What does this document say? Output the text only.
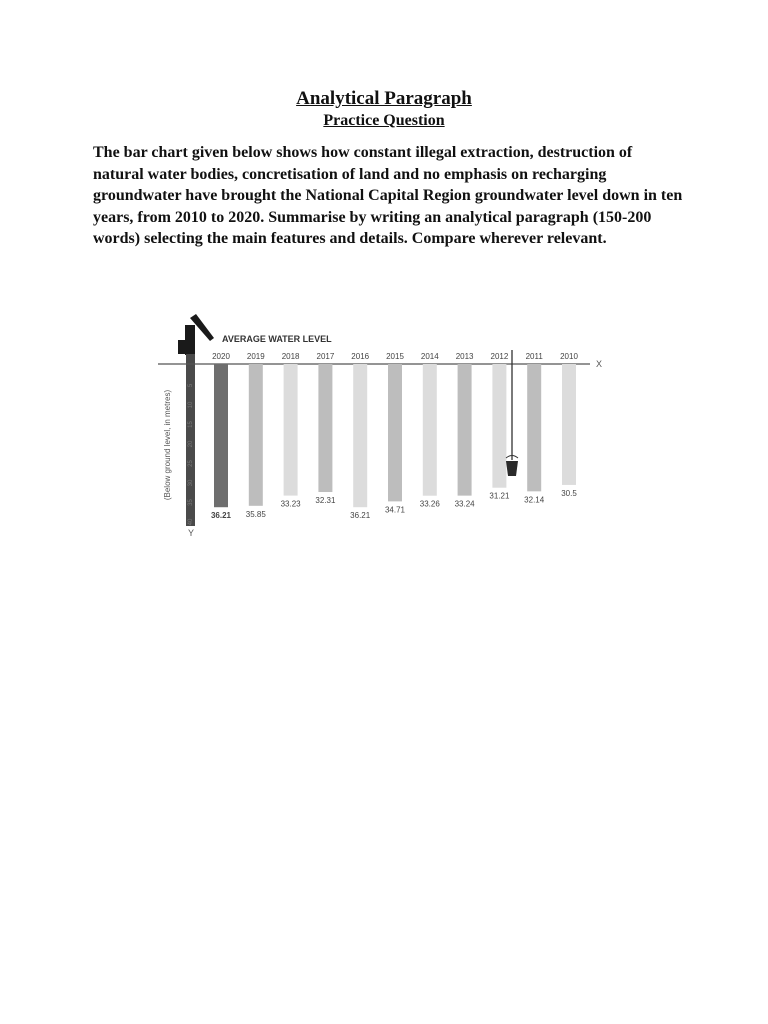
Analytical Paragraph
Practice Question

The bar chart given below shows how constant illegal extraction, destruction of natural water bodies, concretisation of land and no emphasis on recharging groundwater have brought the National Capital Region groundwater level down in ten years, from 2010 to 2020. Summarise by writing an analytical paragraph (150-200 words) selecting the main features and details. Compare wherever relevant.

AVERAGE WATER LEVEL
X
Y
(Below ground level, in metres)
5
10
15
20
25
30
35
40
2020
36.21
2019
35.85
2018
33.23
2017
32.31
2016
36.21
2015
34.71
2014
33.26
2013
33.24
2012
31.21
2011
32.14
2010
30.5
